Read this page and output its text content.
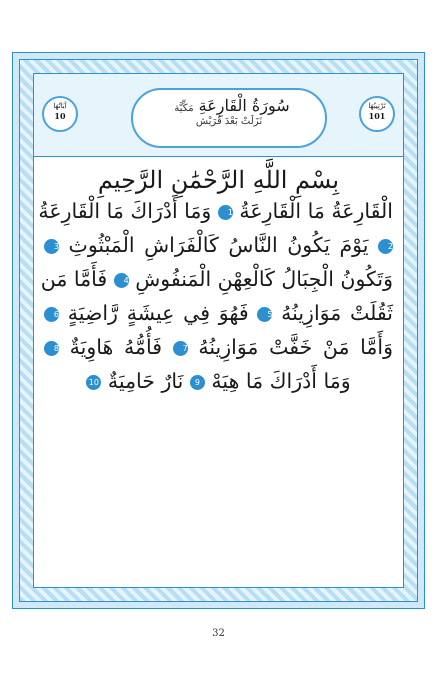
آيَاتُهَا
10
سُورَةُ الْقَارِعَةِ مَكِّيَّة
نَزَلَتْ بَعْدَ قُرَيْش
تَرْتِيبُهَا
101
بِسْمِ اللَّهِ الرَّحْمَٰنِ الرَّحِيمِ
الْقَارِعَةُ مَا الْقَارِعَةُ 1 وَمَا أَدْرَاكَ مَا الْقَارِعَةُ
2 يَوْمَ يَكُونُ النَّاسُ كَالْفَرَاشِ الْمَبْثُوثِ 3
وَتَكُونُ الْجِبَالُ كَالْعِهْنِ الْمَنفُوشِ 4 فَأَمَّا مَن
ثَقُلَتْ مَوَازِينُهُ 5 فَهُوَ فِي عِيشَةٍ رَّاضِيَةٍ 6
وَأَمَّا مَنْ خَفَّتْ مَوَازِينُهُ 7 فَأُمُّهُ هَاوِيَةٌ 8
وَمَا أَدْرَاكَ مَا هِيَهْ 9 نَارٌ حَامِيَةٌ 10
32
